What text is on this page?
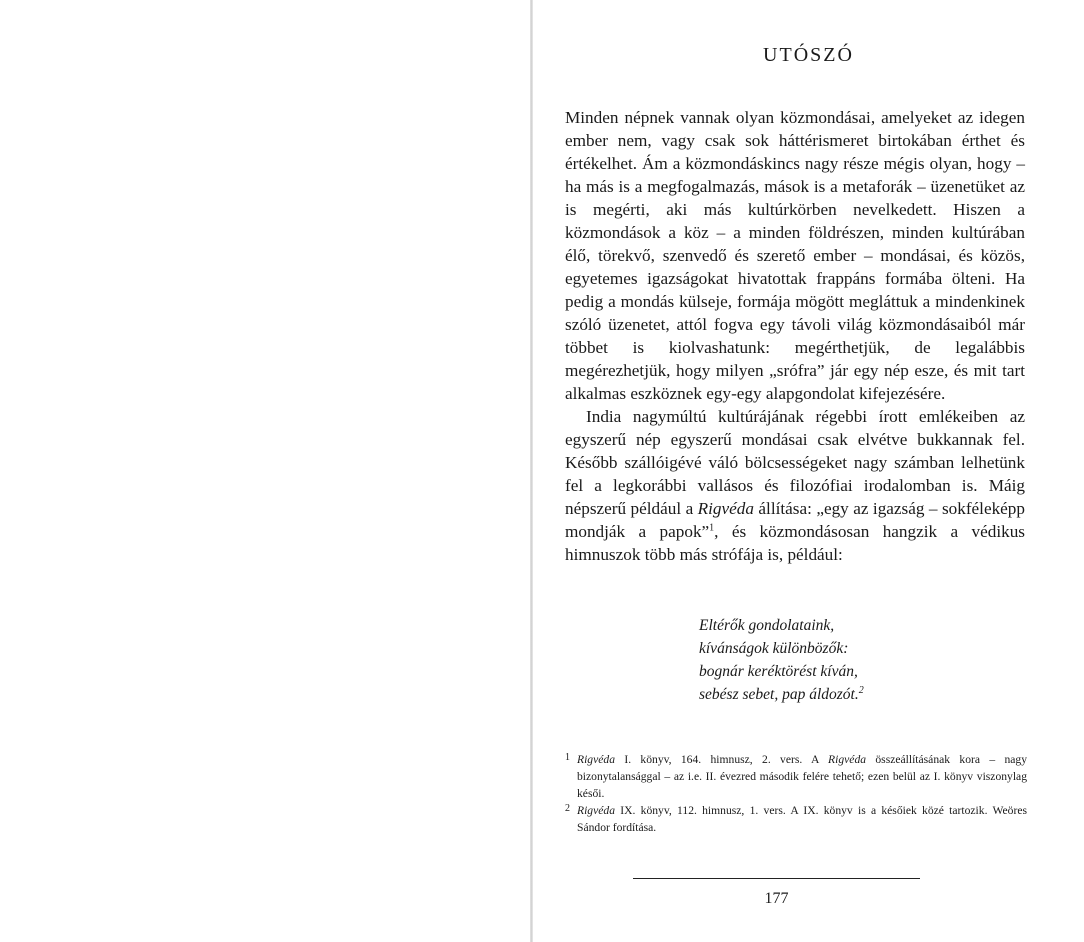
UTÓSZÓ

Minden népnek vannak olyan közmondásai, amelyeket az idegen ember nem, vagy csak sok háttérismeret birtokában érthet és értékelhet. Ám a közmondáskincs nagy része mégis olyan, hogy – ha más is a megfogalmazás, mások is a metaforák – üzenetüket az is megérti, aki más kultúrkörben nevelkedett. Hiszen a közmondások a köz – a minden földrészen, minden kultúrában élő, törekvő, szenvedő és szerető ember – mondásai, és közös, egyetemes igazságokat hivatottak frappáns formába ölteni. Ha pedig a mondás külseje, formája mögött megláttuk a mindenkinek szóló üzenetet, attól fogva egy távoli világ közmondásaiból már többet is kiolvashatunk: megérthetjük, de legalábbis megérezhetjük, hogy milyen „srófra” jár egy nép esze, és mit tart alkalmas eszköznek egy-egy alapgondolat kifejezésére.

India nagymúltú kultúrájának régebbi írott emlékeiben az egyszerű nép egyszerű mondásai csak elvétve bukkannak fel. Később szállóigévé váló bölcsességeket nagy számban lelhetünk fel a legkorábbi vallásos és filozófiai irodalomban is. Máig népszerű például a Rigvéda állítása: „egy az igazság – sokféleképp mondják a papok”$^1$, és közmondásosan hangzik a védikus himnuszok több más strófája is, például:

Eltérők gondolataink,
kívánságok különbözők:
bognár keréktörést kíván,
sebész sebet, pap áldozót.$^2$
1 Rigvéda I. könyv, 164. himnusz, 2. vers. A Rigvéda összeállításának kora – nagy bizonytalansággal – az i.e. II. évezred második felére tehető; ezen belül az I. könyv viszonylag késői.
2 Rigvéda IX. könyv, 112. himnusz, 1. vers. A IX. könyv is a későiek közé tartozik. Weöres Sándor fordítása.
177
